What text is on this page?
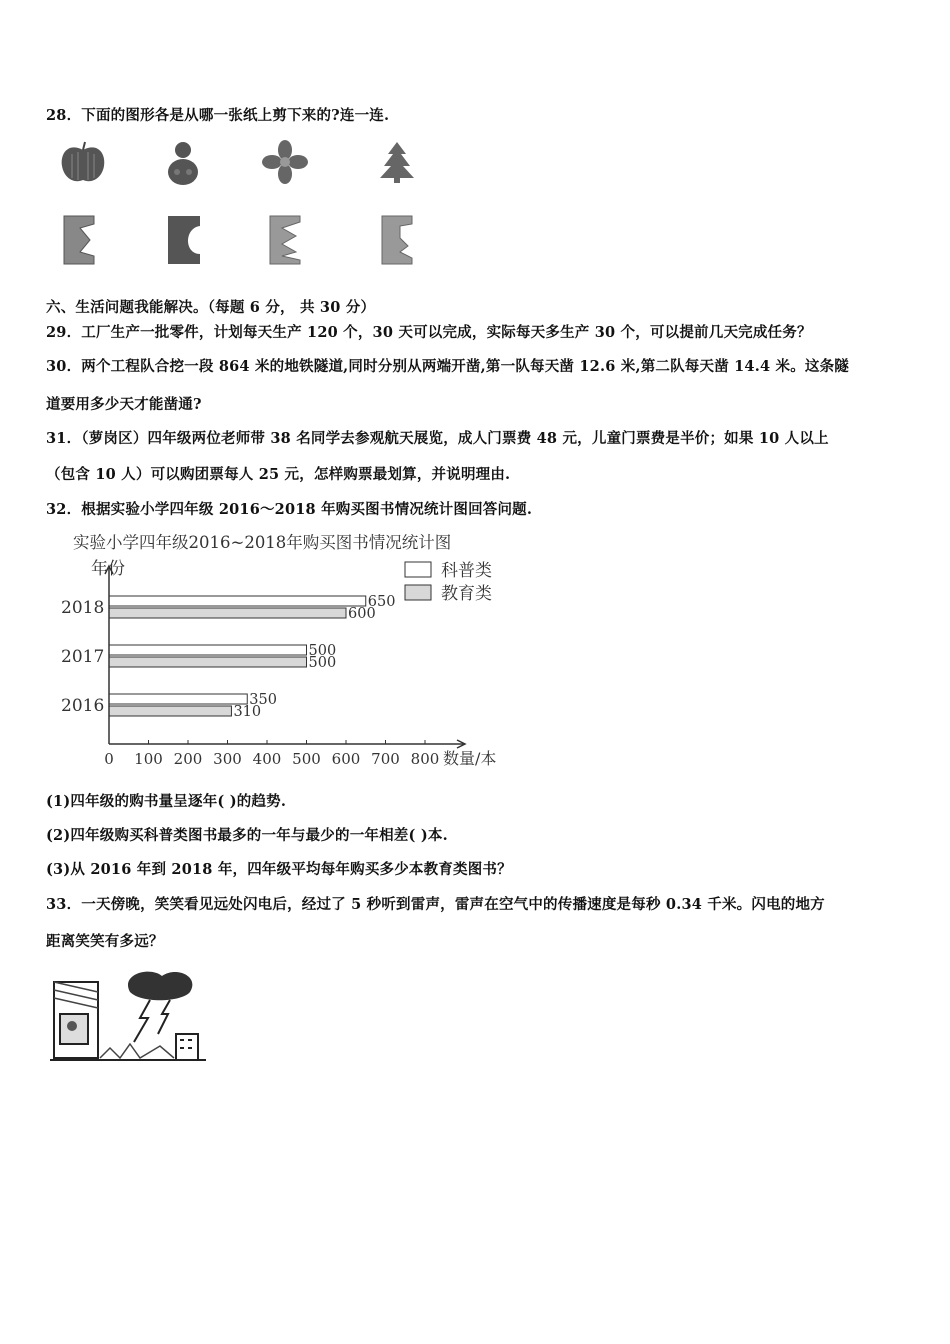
28．下面的图形各是从哪一张纸上剪下来的?连一连.
六、生活问题我能解决。（每题 6 分， 共 30 分）
29．工厂生产一批零件，计划每天生产 120 个，30 天可以完成，实际每天多生产 30 个，可以提前几天完成任务？
30．两个工程队合挖一段 864 米的地铁隧道,同时分别从两端开凿,第一队每天凿 12.6 米,第二队每天凿 14.4 米。这条隧
道要用多少天才能凿通?
31．（萝岗区）四年级两位老师带 38 名同学去参观航天展览，成人门票费 48 元，儿童门票费是半价；如果 10 人以上
（包含 10 人）可以购团票每人 25 元，怎样购票最划算，并说明理由.
32．根据实验小学四年级 2016～2018 年购买图书情况统计图回答问题.
实验小学四年级2016~2018年购买图书情况统计图
年份
数量/本
科普类
教育类
650
600
500
500
350
310
0 100 200 300 400 500 600 700 800
2018
2017
2016
(1)四年级的购书量呈逐年( )的趋势.
(2)四年级购买科普类图书最多的一年与最少的一年相差( )本.
(3)从 2016 年到 2018 年，四年级平均每年购买多少本教育类图书？
33．一天傍晚，笑笑看见远处闪电后，经过了 5 秒听到雷声，雷声在空气中的传播速度是每秒 0.34 千米。闪电的地方
距离笑笑有多远？
